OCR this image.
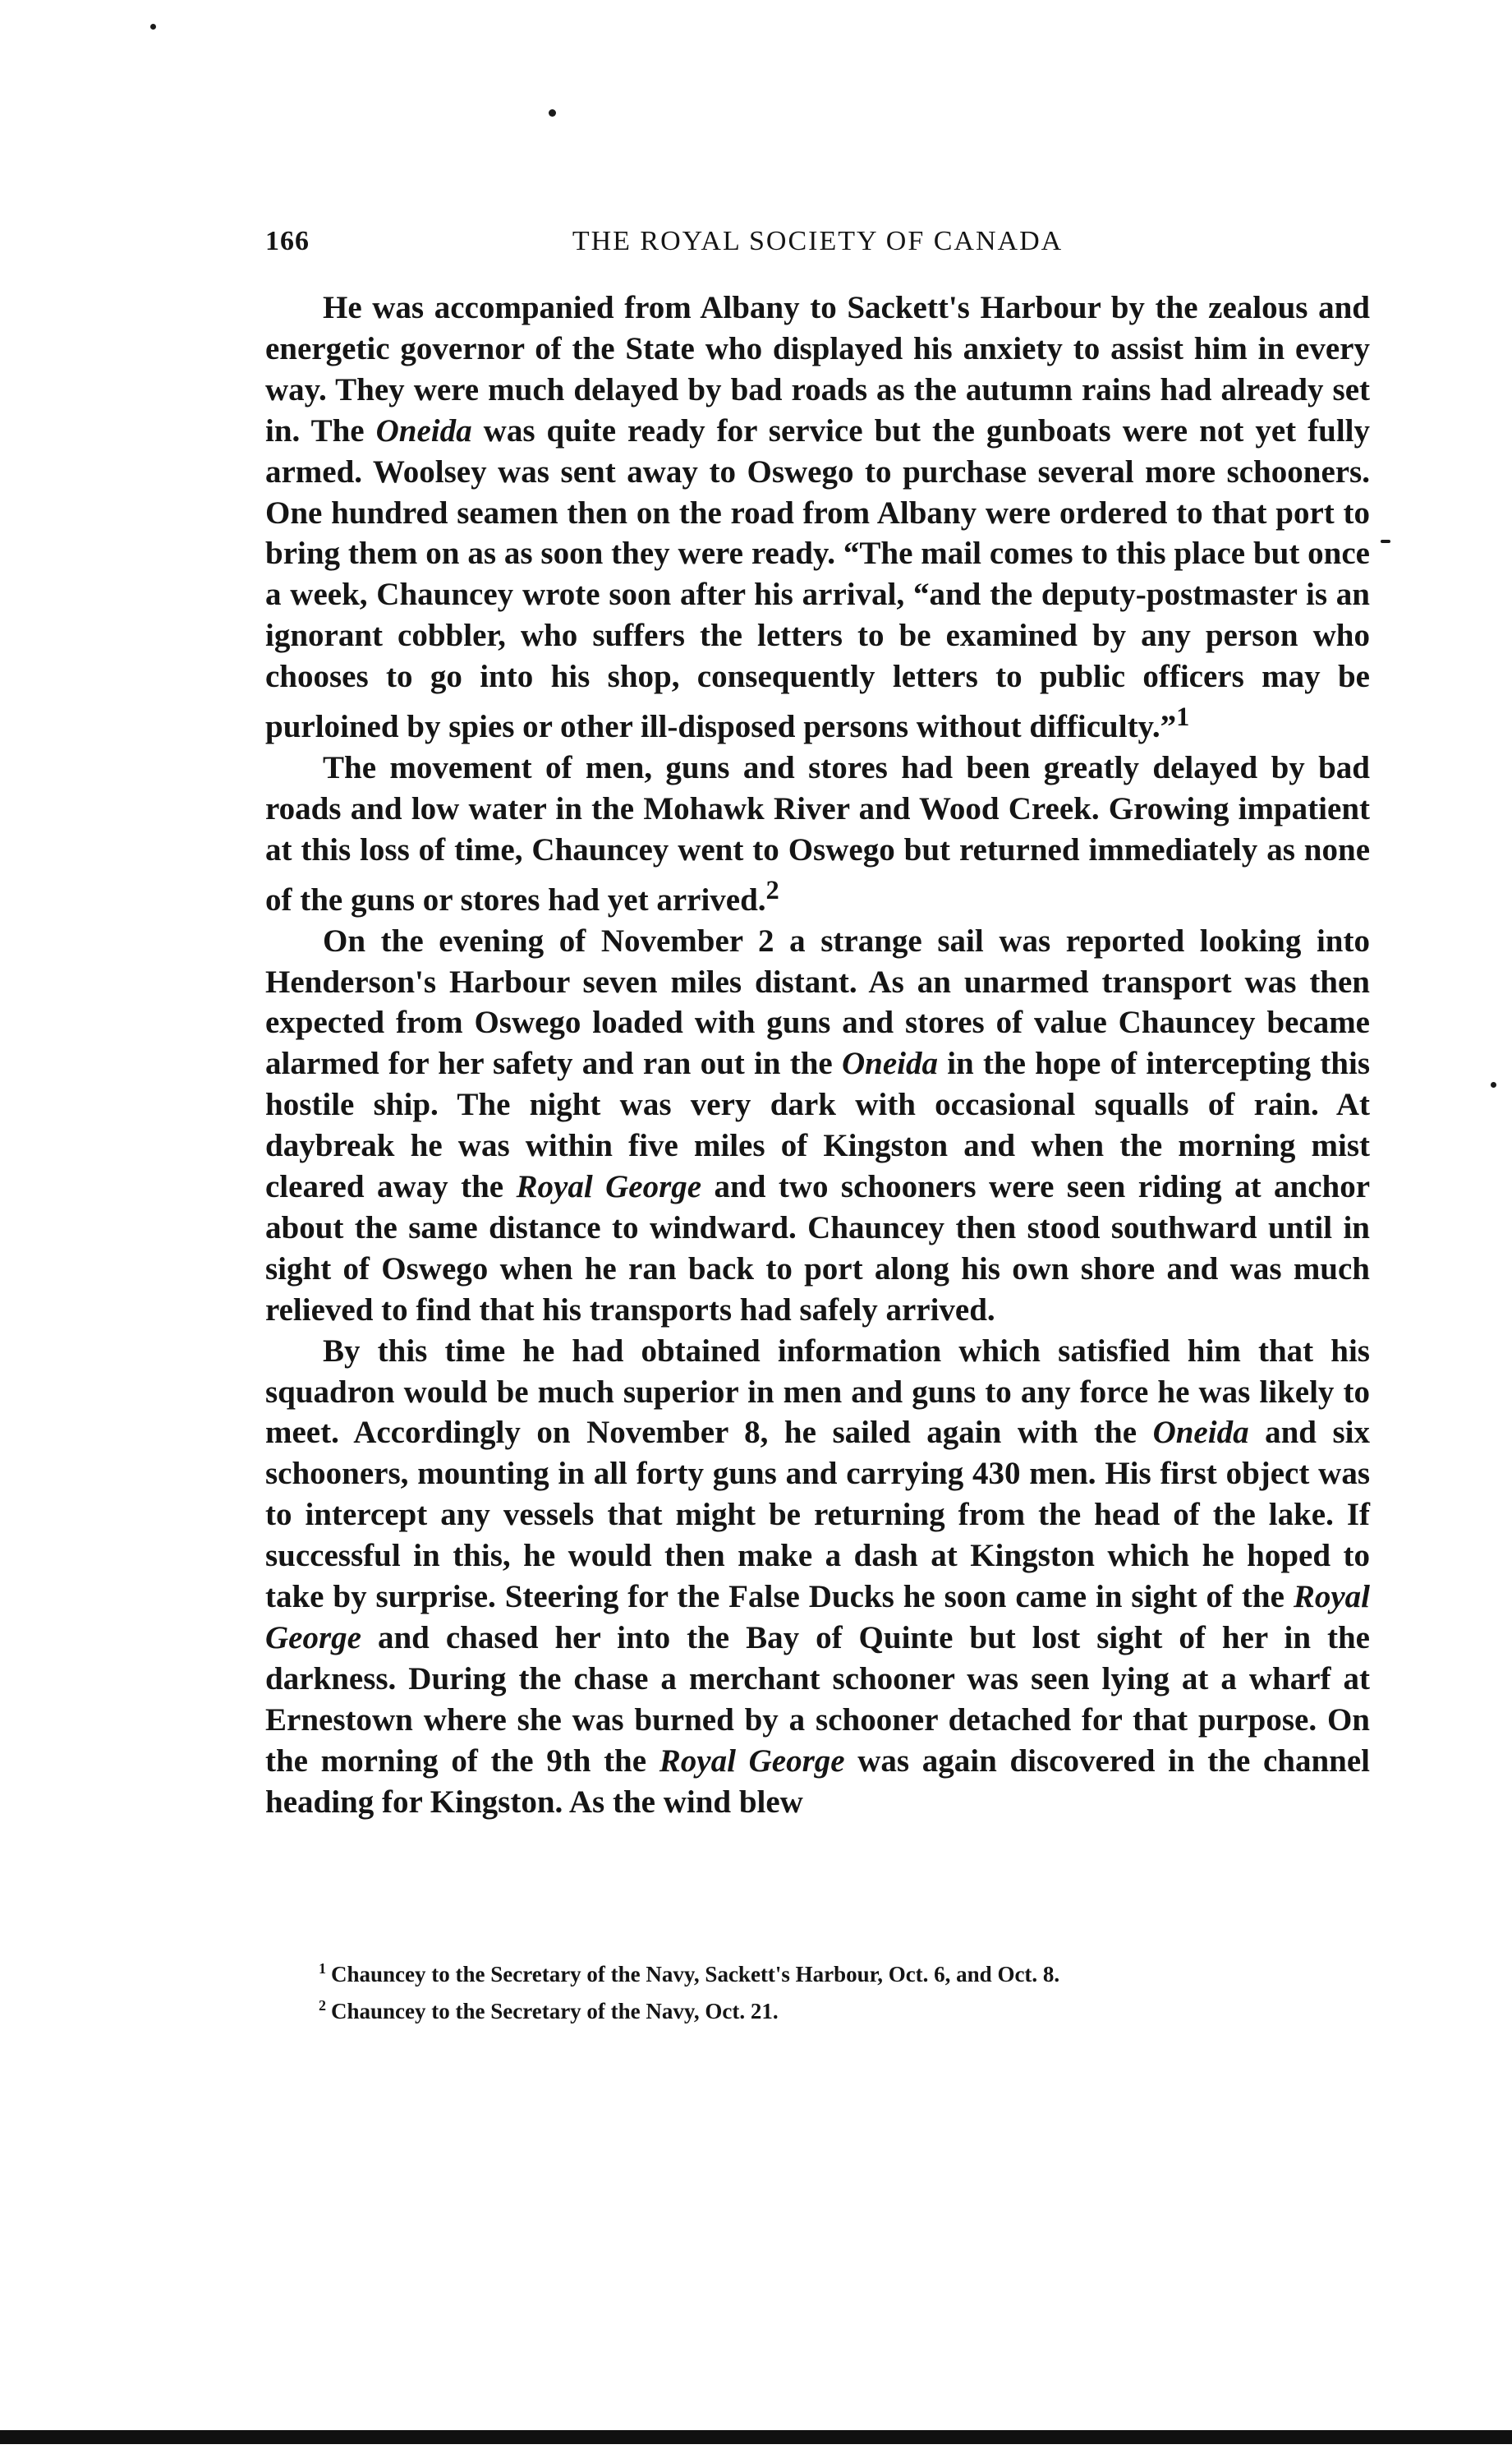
166	THE ROYAL SOCIETY OF CANADA

He was accompanied from Albany to Sackett's Harbour by the zealous and energetic governor of the State who displayed his anxiety to assist him in every way. They were much delayed by bad roads as the autumn rains had already set in. The Oneida was quite ready for service but the gunboats were not yet fully armed. Woolsey was sent away to Oswego to purchase several more schooners. One hundred seamen then on the road from Albany were ordered to that port to bring them on as as soon they were ready. “The mail comes to this place but once a week, Chauncey wrote soon after his arrival, “and the deputy-postmaster is an ignorant cobbler, who suffers the letters to be examined by any person who chooses to go into his shop, consequently letters to public officers may be purloined by spies or other ill-disposed persons without difficulty.”$^1$

The movement of men, guns and stores had been greatly delayed by bad roads and low water in the Mohawk River and Wood Creek. Growing impatient at this loss of time, Chauncey went to Oswego but returned immediately as none of the guns or stores had yet arrived.$^2$

On the evening of November 2 a strange sail was reported looking into Henderson's Harbour seven miles distant. As an unarmed transport was then expected from Oswego loaded with guns and stores of value Chauncey became alarmed for her safety and ran out in the Oneida in the hope of intercepting this hostile ship. The night was very dark with occasional squalls of rain. At daybreak he was within five miles of Kingston and when the morning mist cleared away the Royal George and two schooners were seen riding at anchor about the same distance to windward. Chauncey then stood southward until in sight of Oswego when he ran back to port along his own shore and was much relieved to find that his transports had safely arrived.

By this time he had obtained information which satisfied him that his squadron would be much superior in men and guns to any force he was likely to meet. Accordingly on November 8, he sailed again with the Oneida and six schooners, mounting in all forty guns and carrying 430 men. His first object was to intercept any vessels that might be returning from the head of the lake. If successful in this, he would then make a dash at Kingston which he hoped to take by surprise. Steering for the False Ducks he soon came in sight of the Royal George and chased her into the Bay of Quinte but lost sight of her in the darkness. During the chase a merchant schooner was seen lying at a wharf at Ernestown where she was burned by a schooner detached for that purpose. On the morning of the 9th the Royal George was again discovered in the channel heading for Kingston. As the wind blew

$^1$ Chauncey to the Secretary of the Navy, Sackett's Harbour, Oct. 6, and Oct. 8.
$^2$ Chauncey to the Secretary of the Navy, Oct. 21.
